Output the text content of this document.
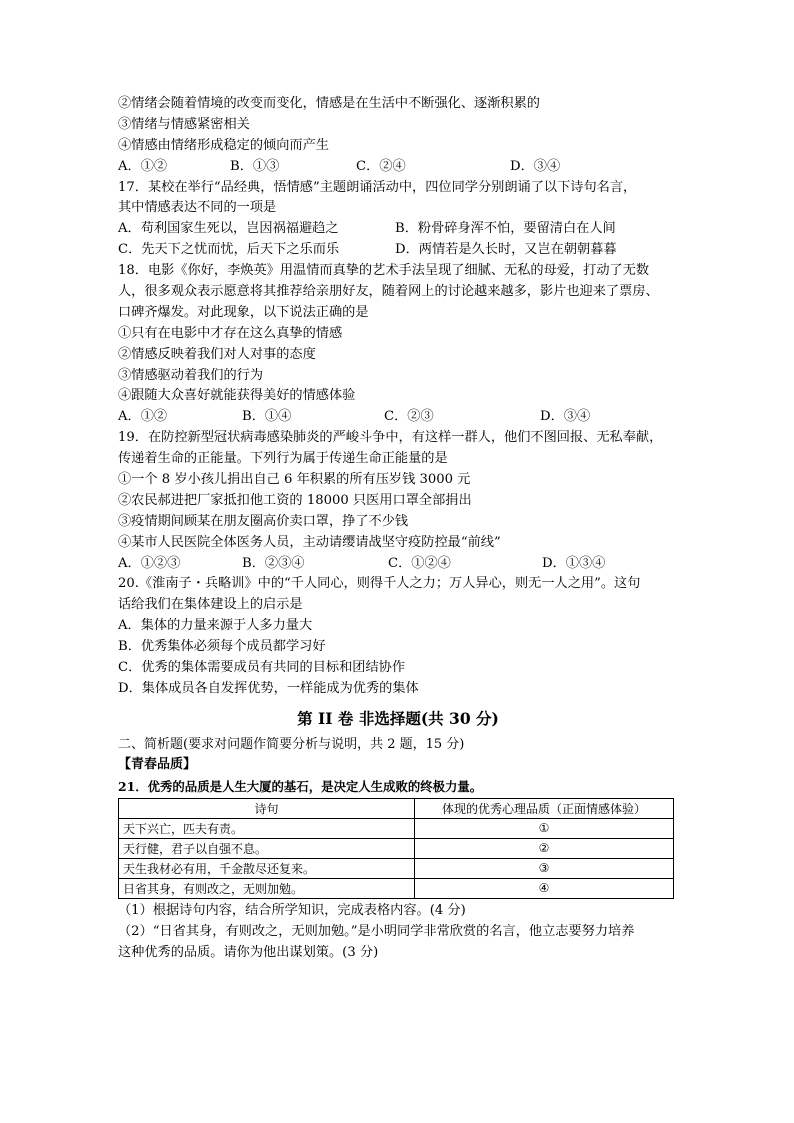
②情绪会随着情境的改变而变化，情感是在生活中不断强化、逐渐积累的
③情绪与情感紧密相关
④情感由情绪形成稳定的倾向而产生
A．①②	B．①③	C．②④	D．③④
17．某校在举行“品经典，悟情感”主题朗诵活动中，四位同学分别朗诵了以下诗句名言，
其中情感表达不同的一项是
A．苟利国家生死以，岂因祸福避趋之	B．粉骨碎身浑不怕，要留清白在人间
C．先天下之忧而忧，后天下之乐而乐	D．两情若是久长时，又岂在朝朝暮暮
18．电影《你好，李焕英》用温情而真挚的艺术手法呈现了细腻、无私的母爱，打动了无数
人，很多观众表示愿意将其推荐给亲朋好友，随着网上的讨论越来越多，影片也迎来了票房、
口碑齐爆发。对此现象，以下说法正确的是
①只有在电影中才存在这么真挚的情感
②情感反映着我们对人对事的态度
③情感驱动着我们的行为
④跟随大众喜好就能获得美好的情感体验
A．①②	B．①④	C．②③	D．③④
19．在防控新型冠状病毒感染肺炎的严峻斗争中，有这样一群人，他们不图回报、无私奉献，
传递着生命的正能量。下列行为属于传递生命正能量的是
①一个 8 岁小孩儿捐出自己 6 年积累的所有压岁钱 3000 元
②农民郝进把厂家抵扣他工资的 18000 只医用口罩全部捐出
③疫情期间顾某在朋友圈高价卖口罩，挣了不少钱
④某市人民医院全体医务人员，主动请缨请战坚守疫防控最“前线”
A．①②③	B．②③④	C．①②④	D．①③④
20.《淮南子・兵略训》中的“千人同心，则得千人之力；万人异心，则无一人之用”。这句
话给我们在集体建设上的启示是
A．集体的力量来源于人多力量大
B．优秀集体必须每个成员都学习好
C．优秀的集体需要成员有共同的目标和团结协作
D．集体成员各自发挥优势，一样能成为优秀的集体
第 II 卷 非选择题(共 30 分)
二、简析题(要求对问题作简要分析与说明，共 2 题，15 分)
【青春品质】
21．优秀的品质是人生大厦的基石，是决定人生成败的终极力量。
诗句	体现的优秀心理品质（正面情感体验）
天下兴亡，匹夫有责。	①
天行健，君子以自强不息。	②
天生我材必有用，千金散尽还复来。	③
日省其身，有则改之，无则加勉。	④
（1）根据诗句内容，结合所学知识，完成表格内容。(4 分)
（2）“日省其身，有则改之，无则加勉。”是小明同学非常欣赏的名言，他立志要努力培养
这种优秀的品质。请你为他出谋划策。(3 分)
